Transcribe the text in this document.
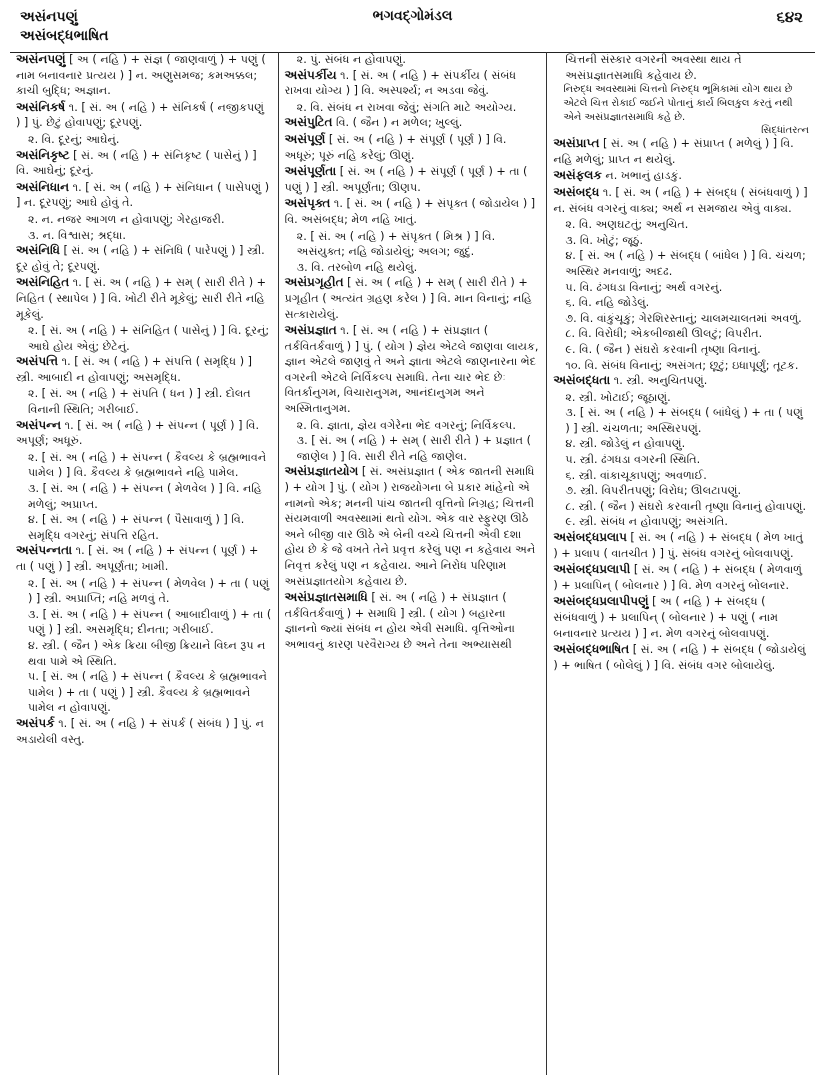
અસંનપણું
અસંબદ્ધભાષિત
ભગવદ્ગોમંડલ	૬૪૨
અસંનપણું [ અ ( નહિ ) + સંજ્ઞ ( જાણવાળું ) + પણું ( નામ બનાવનાર પ્રત્યય ) ] ન. અણુસમજ; કમઅક્કલ; કાચી બુદ્ધિ; અજ્ઞાન.
અસંનિકર્ષ ૧. [ સં. અ ( નહિ ) + સંનિકર્ષ ( નજીકપણું ) ] પું. છેટું હોવાપણું; દૂરપણું.
૨. વિ. દૂરનું; આઘેનું.
અસંનિકૃષ્ટ [ સં. અ ( નહિ ) + સંનિકૃષ્ટ ( પાસેનું ) ] વિ. આઘેનું; દૂરનું.
અસંનિધાન ૧. [ સં. અ ( નહિ ) + સંનિધાન ( પાસેપણું ) ] ન. દૂરપણું; આઘે હોવું તે.
૨. ન. નજર આગળ ન હોવાપણું; ગેરહાજરી.
૩. ન. વિશ્વાસ; શ્રદ્ધા.
અસંનિધિ [ સં. અ ( નહિ ) + સંનિધિ ( પારેપણું ) ] સ્ત્રી. દૂર હોવું તે; દૂરપણું.
અસંનિહિત ૧. [ સં. અ ( નહિ ) + સમ્ ( સારી રીતે ) + નિહિત ( સ્થાપેલ ) ] વિ. ખોટી રીતે મૂકેલું; સારી રીતે નહિ મૂકેલું.
૨. [ સં. અ ( નહિ ) + સંનિહિત ( પાસેનું ) ] વિ. દૂરનું; આઘે હોય એવું; છેટેનું.
અસંપત્તિ ૧. [ સં. અ ( નહિ ) + સંપત્તિ ( સમૃદ્ધિ ) ] સ્ત્રી. આબાદી ન હોવાપણું; અસમૃદ્ધિ.
૨. [ સં. અ ( નહિ ) + સંપતિ ( ધન ) ] સ્ત્રી. દોલત વિનાની સ્થિતિ; ગરીબાઈ.
અસંપન્ન ૧. [ સં. અ ( નહિ ) + સંપન્ન ( પૂર્ણ ) ] વિ. અપૂર્ણ; અધૂરું.
૨. [ સં. અ ( નહિ ) + સંપન્ન ( કૈવલ્ય કે બ્રહ્મભાવને પામેલ ) ] વિ. કૈવલ્ય કે બ્રહ્મભાવને નહિ પામેલ.
૩. [ સં. અ ( નહિ ) + સંપન્ન ( મેળવેલ ) ] વિ. નહિ મળેલું; અપ્રાપ્ત.
૪. [ સં. અ ( નહિ ) + સંપન્ન ( પૈસાવાળું ) ] વિ. સમૃદ્ધિ વગરનું; સંપત્તિ રહિત.
અસંપન્નતા ૧. [ સં. અ ( નહિ ) + સંપન્ન ( પૂર્ણ ) + તા ( પણું ) ] સ્ત્રી. અપૂર્ણતા; ખામી.
૨. [ સં. અ ( નહિ ) + સંપન્ન ( મેળવેલ ) + તા ( પણું ) ] સ્ત્રી. અપ્રાપ્તિ; નહિ મળવું તે.
૩. [ સં. અ ( નહિ ) + સંપન્ન ( આબાદીવાળું ) + તા ( પણું ) ] સ્ત્રી. અસમૃદ્ધિ; દીનતા; ગરીબાઈ.
૪. સ્ત્રી. ( જૈન ) એક ક્રિયા બીજી ક્રિયાને વિઘ્ન રૂપ ન થવા પામે એ સ્થિતિ.
૫. [ સં. અ ( નહિ ) + સંપન્ન ( કૈવલ્ય કે બ્રહ્મભાવને પામેલ ) + તા ( પણું ) ] સ્ત્રી. કૈવલ્ય કે બ્રહ્મભાવને પામેલ ન હોવાપણું.
અસંપર્ક ૧. [ સં. અ ( નહિ ) + સંપર્ક ( સંબંધ ) ] પું. ન અડાયેલી વસ્તુ.
૨. પું. સંબંધ ન હોવાપણું.
અસંપર્કીય ૧. [ સં. અ ( નહિ ) + સંપર્કીય ( સંબંધ રાખવા યોગ્ય ) ] વિ. અસ્પર્શ્ય; ન અડવા જેવું.
૨. વિ. સંબંધ ન રાખવા જેવું; સંગતિ માટે અયોગ્ય.
અસંપુટિત વિ. ( જૈન ) ન મળેલ; ખુલ્લું.
અસંપૂર્ણ [ સં. અ ( નહિ ) + સંપૂર્ણ ( પૂર્ણ ) ] વિ. અધૂરું; પૂરું નહિ કરેલું; ઊણું.
અસંપૂર્ણતા [ સં. અ ( નહિ ) + સંપૂર્ણ ( પૂર્ણ ) + તા ( પણું ) ] સ્ત્રી. અપૂર્ણતા; ઊણપ.
અસંપૃક્ત ૧. [ સં. અ ( નહિ ) + સંપૃક્ત ( જોડાયેલ ) ] વિ. અસંબદ્ધ; મેળ નહિ ખાતું.
૨. [ સં. અ ( નહિ ) + સંપૃક્ત ( મિશ્ર ) ] વિ. અસંયુક્ત; નહિ જોડાયેલું; અલગ; જુદું.
૩. વિ. તરબોળ નહિ થયેલું.
અસંપ્રગૃહીત [ સં. અ ( નહિ ) + સમ્ ( સારી રીતે ) + પ્રગૃહીત ( અત્યંત ગ્રહણ કરેલ ) ] વિ. માન વિનાનું; નહિ સત્કારાયેલું.
અસંપ્રજ્ઞાત ૧. [ સં. અ ( નહિ ) + સંપ્રજ્ઞાત ( તર્કવિતર્કવાળું ) ] પું. ( યોગ ) જ્ઞેય એટલે જાણવા લાયક, જ્ઞાન એટલે જાણવું તે અને જ્ઞાતા એટલે જાણનારના ભેદ વગરની એટલે નિર્વિકલ્પ સમાધિ. તેના ચાર ભેદ છેઃ વિતર્કાનુગમ, વિચારાનુગમ, આનંદાનુગમ અને અસ્મિતાનુગમ.
૨. વિ. જ્ઞાતા, જ્ઞેય વગેરેના ભેદ વગરનું; નિર્વિકલ્પ.
૩. [ સં. અ ( નહિ ) + સમ્ ( સારી રીતે ) + પ્રજ્ઞાત ( જાણેલ ) ] વિ. સારી રીતે નહિ જાણેલ.
અસંપ્રજ્ઞાતયોગ [ સં. અસંપ્રજ્ઞાત ( એક જાતની સમાધિ ) + યોગ ] પું. ( યોગ ) રાજયોગના બે પ્રકાર માંહેનો એ નામનો એક; મનની પાંચ જાતની વૃત્તિનો નિગ્રહ; ચિત્તની સંયમવાળી અવસ્થામાં થતો યોગ. એક વાર સ્ફુરણ ઊઠે અને બીજી વાર ઊઠે એ બેની વચ્ચે ચિત્તની એવી દશા હોય છે કે જે વખતે તેને પ્રવૃત્ત કરેલું પણ ન કહેવાય અને નિવૃત્ત કરેલું પણ ન કહેવાય. આને નિરોધ પરિણામ અસંપ્રજ્ઞાતયોગ કહેવાય છે.
અસંપ્રજ્ઞાતસમાધિ [ સં. અ ( નહિ ) + સંપ્રજ્ઞાત ( તર્કવિતર્કવાળું ) + સમાધિ ] સ્ત્રી. ( યોગ ) બહારના જ્ઞાનનો જ્યાં સંબંધ ન હોય એવી સમાધિ. વૃત્તિઓના અભાવનું કારણ પરવૈરાગ્ય છે અને તેના અભ્યાસથી
ચિત્તની સંસ્કાર વગરની અવસ્થા થાય તે અસંપ્રજ્ઞાતસમાધિ કહેવાય છે.
નિરુદ્ધ અવસ્થામાં ચિત્તનો નિરુદ્ધ ભૂમિકામાં યોગ થાય છે એટલે ચિત્ત રોકાઈ જઈને પોતાનું કાર્ય બિલકુલ કરતું નથી એને અસંપ્રજ્ઞાતસમાધિ કહે છે.
સિદ્ધાંતરત્ન
અસંપ્રાપ્ત [ સં. અ ( નહિ ) + સંપ્રાપ્ત ( મળેલું ) ] વિ. નહિ મળેલું; પ્રાપ્ત ન થયેલું.
અસંફલક ન. ખભાનું હાડકું.
અસંબદ્ધ ૧. [ સં. અ ( નહિ ) + સંબદ્ધ ( સંબંધવાળું ) ] ન. સંબંધ વગરનું વાક્ય; અર્થ ન સમજાય એવું વાક્ય.
૨. વિ. અણઘટતું; અનુચિત.
૩. વિ. ખોટું; જૂઠું.
૪. [ સં. અ ( નહિ ) + સંબદ્ધ ( બાંધેલ ) ] વિ. ચંચળ; અસ્થિર મનવાળું; અદઢ.
૫. વિ. ઢંગધડા વિનાનું; અર્થ વગરનું.
૬. વિ. નહિ જોડેલું.
૭. વિ. વાંકુંચૂકું; ગેરશિરસ્તાનું; ચાલમચાલતમાં અવળું.
૮. વિ. વિરોધી; એકબીજાથી ઊલટું; વિપરીત.
૯. વિ. ( જૈન ) સંઘરો કરવાની તૃષ્ણા વિનાનું.
૧૦. વિ. સંબંધ વિનાનું; અસંગત; છૂટું; ઇધાપૂર્ણું; તૂટક.
અસંબદ્ધતા ૧. સ્ત્રી. અનુચિતપણું.
૨. સ્ત્રી. ખોટાઈ; જૂઠાણું.
૩. [ સં. અ ( નહિ ) + સંબદ્ધ ( બાંધેલું ) + તા ( પણું ) ] સ્ત્રી. ચંચળતા; અસ્થિરપણું.
૪. સ્ત્રી. જોડેલું ન હોવાપણું.
૫. સ્ત્રી. ઢંગધડા વગરની સ્થિતિ.
૬. સ્ત્રી. વાંકાચૂકાપણું; અવળાઈ.
૭. સ્ત્રી. વિપરીતપણું; વિરોધ; ઊલટાપણું.
૮. સ્ત્રી. ( જૈન ) સંઘરો કરવાની તૃષ્ણા વિનાનું હોવાપણું.
૯. સ્ત્રી. સંબંધ ન હોવાપણું; અસંગતિ.
અસંબદ્ધપ્રલાપ [ સં. અ ( નહિ ) + સંબદ્ધ ( મેળ ખાતું ) + પ્રલાપ ( વાતચીત ) ] પું. સંબંધ વગરનું બોલવાપણું.
અસંબદ્ધપ્રલાપી [ સં. અ ( નહિ ) + સંબદ્ધ ( મેળવાળું ) + પ્રલાપિન્ ( બોલનાર ) ] વિ. મેળ વગરનું બોલનાર.
અસંબદ્ધપ્રલાપીપણું [ અ ( નહિ ) + સંબદ્ધ ( સંબંધવાળું ) + પ્રલાપિન્ ( બોલનાર ) + પણું ( નામ બનાવનાર પ્રત્યય ) ] ન. મેળ વગરનું બોલવાપણું.
અસંબદ્ધભાષિત [ સં. અ ( નહિ ) + સંબદ્ધ ( જોડાયેલું ) + ભાષિત ( બોલેલું ) ] વિ. સંબંધ વગર બોલાયેલું.
